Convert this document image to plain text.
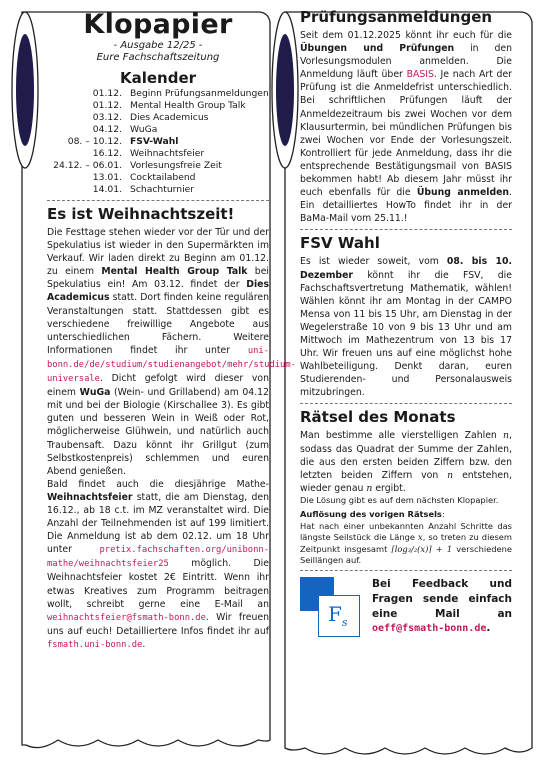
Klopapier
- Ausgabe 12/25 -
Eure Fachschaftszeitung
Kalender
01.12. Beginn Prüfungsanmeldungen
01.12. Mental Health Group Talk
03.12. Dies Academicus
04.12. WuGa
08. – 10.12. FSV-Wahl
16.12. Weihnachtsfeier
24.12. – 06.01. Vorlesungsfreie Zeit
13.01. Cocktailabend
14.01. Schachturnier
Es ist Weihnachtszeit!

Die Festtage stehen wieder vor der Tür und der Spekulatius ist wieder in den Supermärkten im Verkauf. Wir laden direkt zu Beginn am 01.12. zu einem Mental Health Group Talk bei Spekulatius ein! Am 03.12. findet der Dies Academicus statt. Dort finden keine regulären Veranstaltungen statt. Stattdessen gibt es verschiedene freiwillige Angebote aus unterschiedlichen Fächern. Weitere Informationen findet ihr unter uni-bonn.de/de/studium/studienangebot/mehr/studium-universale. Dicht gefolgt wird dieser von einem WuGa (Wein- und Grillabend) am 04.12 mit und bei der Biologie (Kirschallee 3). Es gibt guten und besseren Wein in Weiß oder Rot, möglicherweise Glühwein, und natürlich auch Traubensaft. Dazu könnt ihr Grillgut (zum Selbstkostenpreis) schlemmen und euren Abend genießen.

Bald findet auch die diesjährige Mathe-Weihnachtsfeier statt, die am Dienstag, den 16.12., ab 18 c.t. im MZ veranstaltet wird. Die Anzahl der Teilnehmenden ist auf 199 limitiert. Die Anmeldung ist ab dem 02.12. um 18 Uhr unter pretix.fachschaften.org/unibonn-mathe/weihnachtsfeier25 möglich. Die Weihnachtsfeier kostet 2€ Eintritt. Wenn ihr etwas Kreatives zum Programm beitragen wollt, schreibt gerne eine E-Mail an weihnachtsfeier@fsmath-bonn.de. Wir freuen uns auf euch! Detailliertere Infos findet ihr auf fsmath.uni-bonn.de.

Prüfungsanmeldungen

Seit dem 01.12.2025 könnt ihr euch für die Übungen und Prüfungen in den Vorlesungsmodulen anmelden. Die Anmeldung läuft über BASIS. Je nach Art der Prüfung ist die Anmeldefrist unterschiedlich. Bei schriftlichen Prüfungen läuft der Anmeldezeitraum bis zwei Wochen vor dem Klausurtermin, bei mündlichen Prüfungen bis zwei Wochen vor Ende der Vorlesungszeit. Kontrolliert für jede Anmeldung, dass ihr die entsprechende Bestätigungsmail von BASIS bekommen habt! Ab diesem Jahr müsst ihr euch ebenfalls für die Übung anmelden. Ein detailliertes HowTo findet ihr in der BaMa-Mail vom 25.11.!

FSV Wahl

Es ist wieder soweit, vom 08. bis 10. Dezember könnt ihr die FSV, die Fachschaftsvertretung Mathematik, wählen! Wählen könnt ihr am Montag in der CAMPO Mensa von 11 bis 15 Uhr, am Dienstag in der Wegelerstraße 10 von 9 bis 13 Uhr und am Mittwoch im Mathezentrum von 13 bis 17 Uhr. Wir freuen uns auf eine möglichst hohe Wahlbeteiligung. Denkt daran, euren Studierenden- und Personalausweis mitzubringen.

Rätsel des Monats

Man bestimme alle vierstelligen Zahlen n, sodass das Quadrat der Summe der Zahlen, die aus den ersten beiden Ziffern bzw. den letzten beiden Ziffern von n entstehen, wieder genau n ergibt.

Die Lösung gibt es auf dem nächsten Klopapier.

Auflösung des vorigen Rätsels:
Hat nach einer unbekannten Anzahl Schritte das längste Seilstück die Länge x, so treten zu diesem Zeitpunkt insgesamt ⌈log₃/₂(x)⌉ + 1 verschiedene Seillängen auf.

$F_s$
Bei Feedback und Fragen sende einfach eine Mail an oeff@fsmath-bonn.de.
